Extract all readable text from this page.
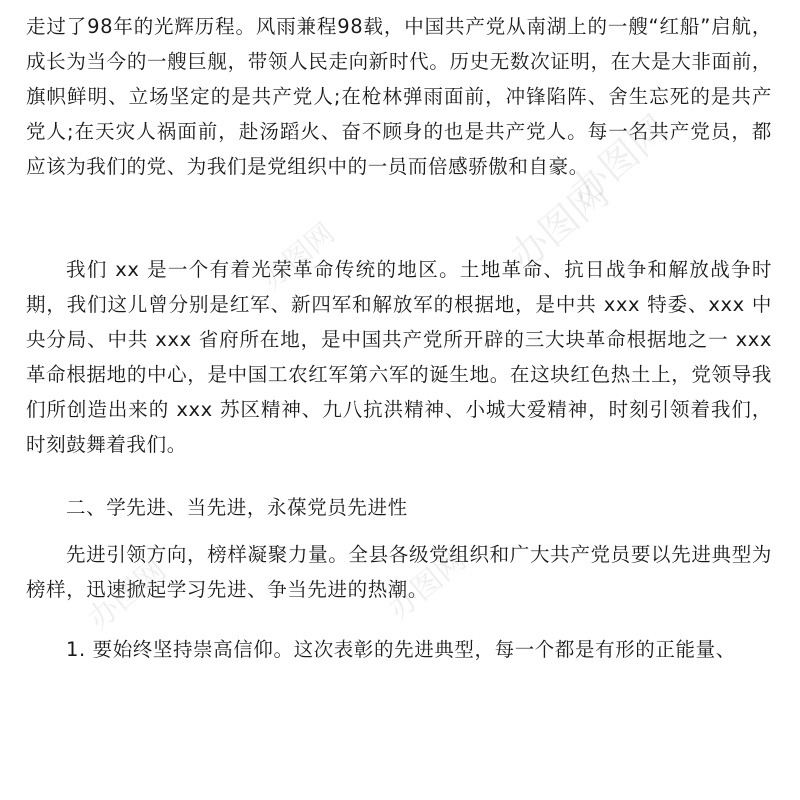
走过了98年的光辉历程。风雨兼程98载，中国共产党从南湖上的一艘“红船”启航，成长为当今的一艘巨舰，带领人民走向新时代。历史无数次证明，在大是大非面前，旗帜鲜明、立场坚定的是共产党人;在枪林弹雨面前，冲锋陷阵、舍生忘死的是共产党人;在天灾人祸面前，赴汤蹈火、奋不顾身的也是共产党人。每一名共产党员，都应该为我们的党、为我们是党组织中的一员而倍感骄傲和自豪。

我们 xx 是一个有着光荣革命传统的地区。土地革命、抗日战争和解放战争时期，我们这儿曾分别是红军、新四军和解放军的根据地，是中共 xxx 特委、xxx 中央分局、中共 xxx 省府所在地，是中国共产党所开辟的三大块革命根据地之一 xxx 革命根据地的中心，是中国工农红军第六军的诞生地。在这块红色热土上，党领导我们所创造出来的 xxx 苏区精神、九八抗洪精神、小城大爱精神，时刻引领着我们，时刻鼓舞着我们。

二、学先进、当先进，永葆党员先进性

先进引领方向，榜样凝聚力量。全县各级党组织和广大共产党员要以先进典型为榜样，迅速掀起学习先进、争当先进的热潮。

1. 要始终坚持崇高信仰。这次表彰的先进典型，每一个都是有形的正能量、

办图网
办图网
办图网	办图网
办图网
